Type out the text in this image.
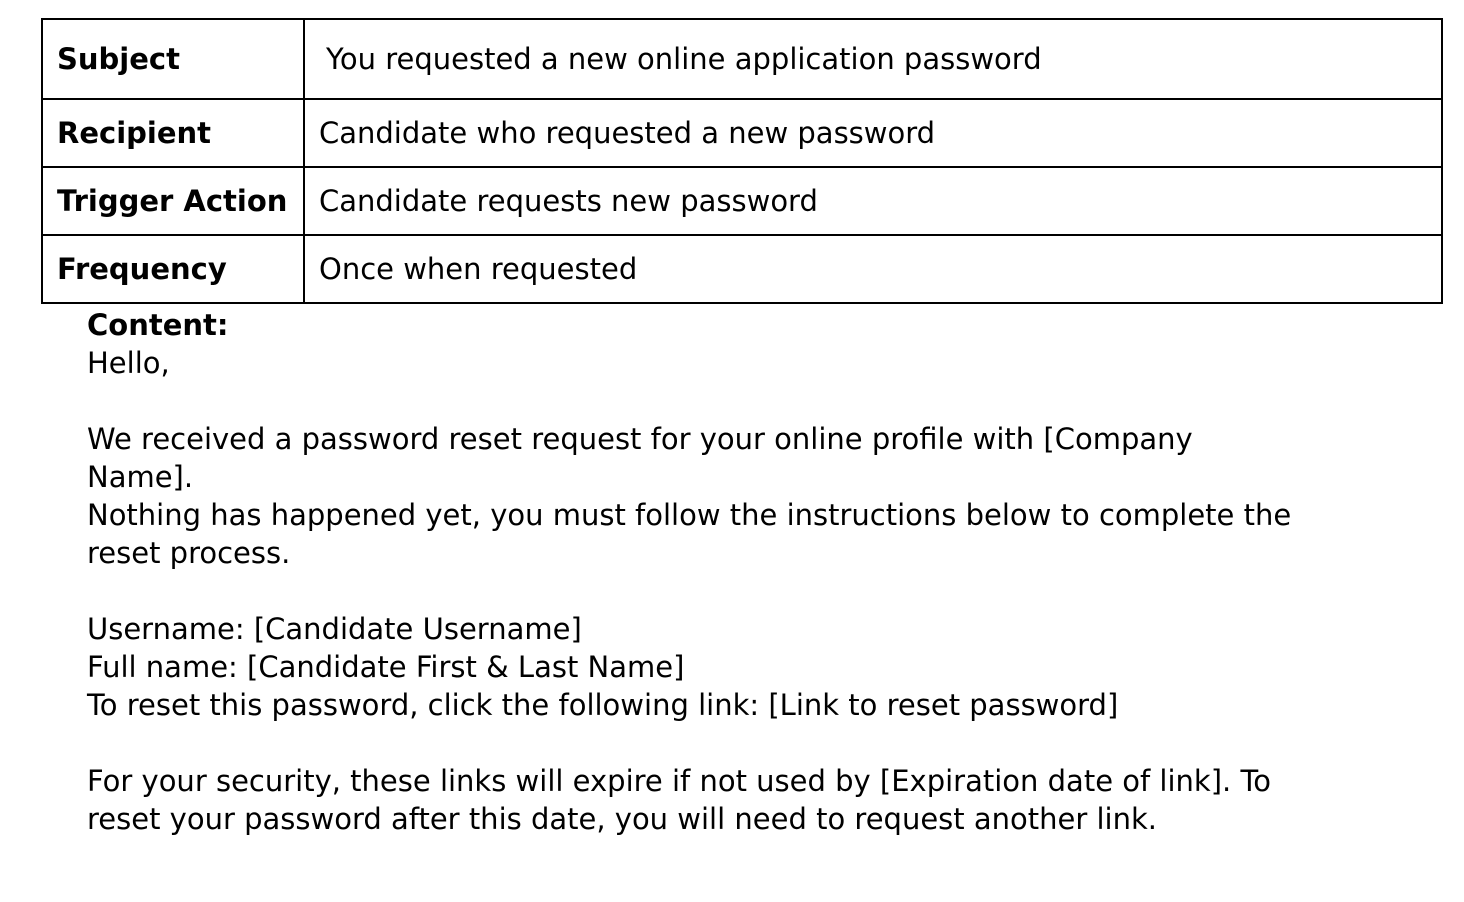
Subject	You requested a new online application password
Recipient	Candidate who requested a new password
Trigger Action	Candidate requests new password
Frequency	Once when requested
Content:
Hello,
We received a password reset request for your online profile with [Company
Name].
Nothing has happened yet, you must follow the instructions below to complete the
reset process.
Username: [Candidate Username]
Full name: [Candidate First & Last Name]
To reset this password, click the following link: [Link to reset password]
For your security, these links will expire if not used by [Expiration date of link]. To
reset your password after this date, you will need to request another link.
